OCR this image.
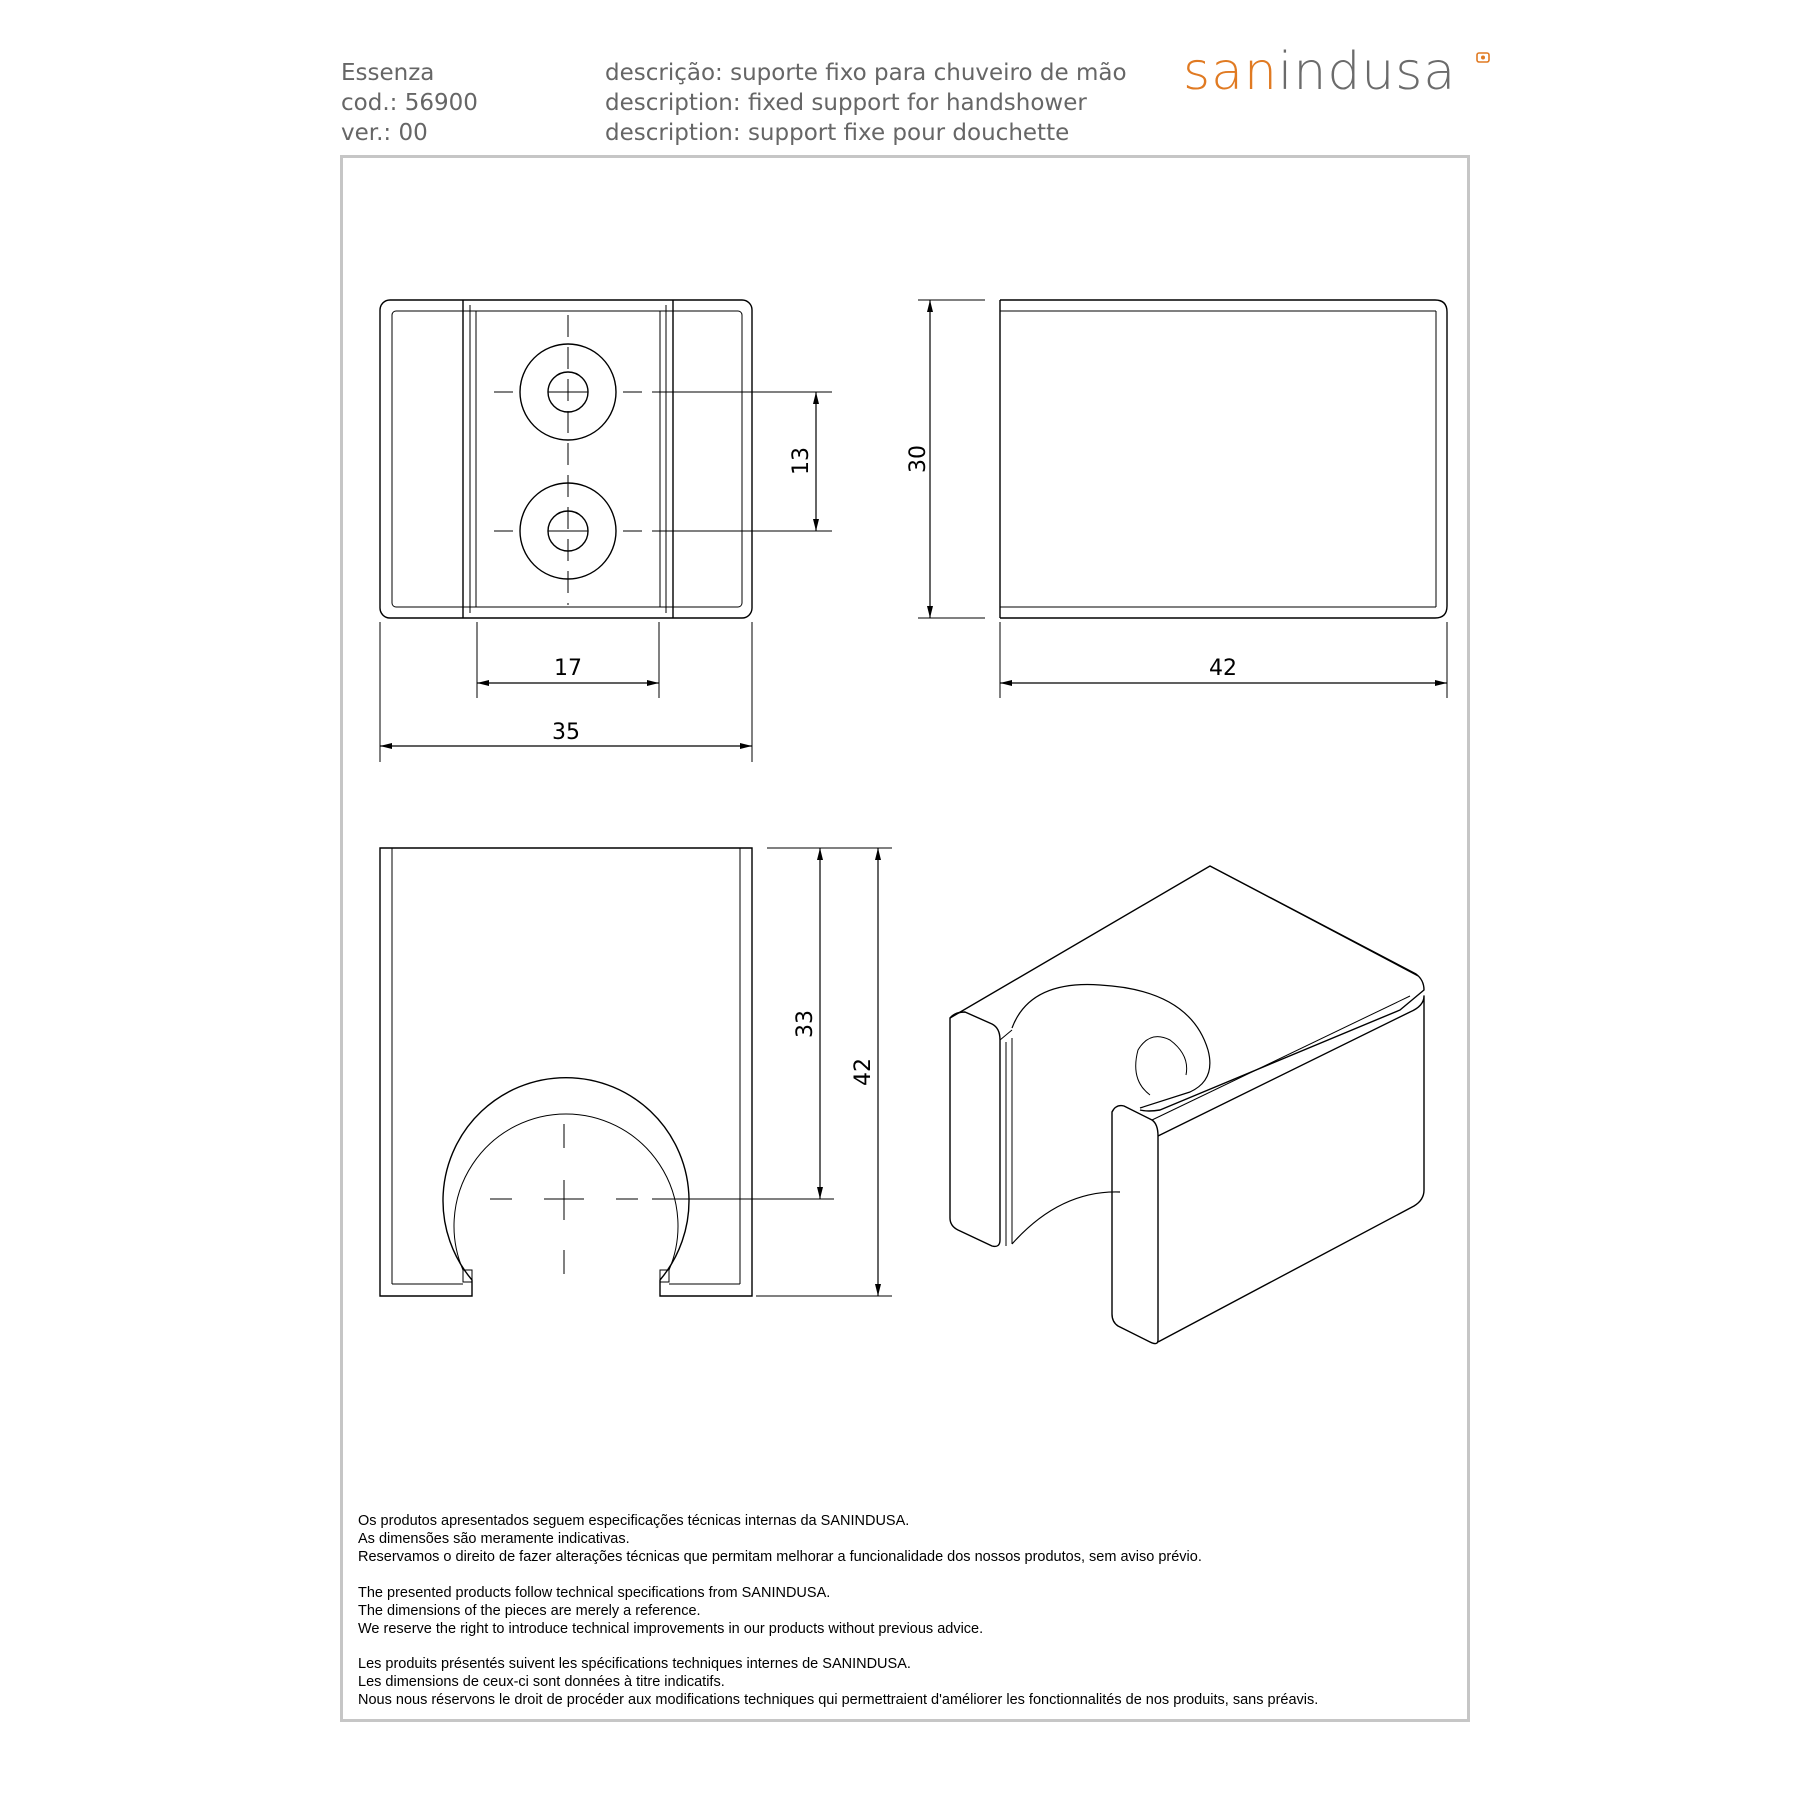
Essenza
cod.: 56900
ver.: 00
descrição: suporte fixo para chuveiro de mão
description: fixed support for handshower
description: support fixe pour douchette
sanindusa
13	30
17
35
42
33
42
Os produtos apresentados seguem especificações técnicas internas da SANINDUSA.
As dimensões são meramente indicativas.
Reservamos o direito de fazer alterações técnicas que permitam melhorar a funcionalidade dos nossos produtos, sem aviso prévio.
The presented products follow technical specifications from SANINDUSA.
The dimensions of the pieces are merely a reference.
We reserve the right to introduce technical improvements in our products without previous advice.
Les produits présentés suivent les spécifications techniques internes de SANINDUSA.
Les dimensions de ceux-ci sont données à titre indicatifs.
Nous nous réservons le droit de procéder aux modifications techniques qui permettraient d'améliorer les fonctionnalités de nos produits, sans préavis.
